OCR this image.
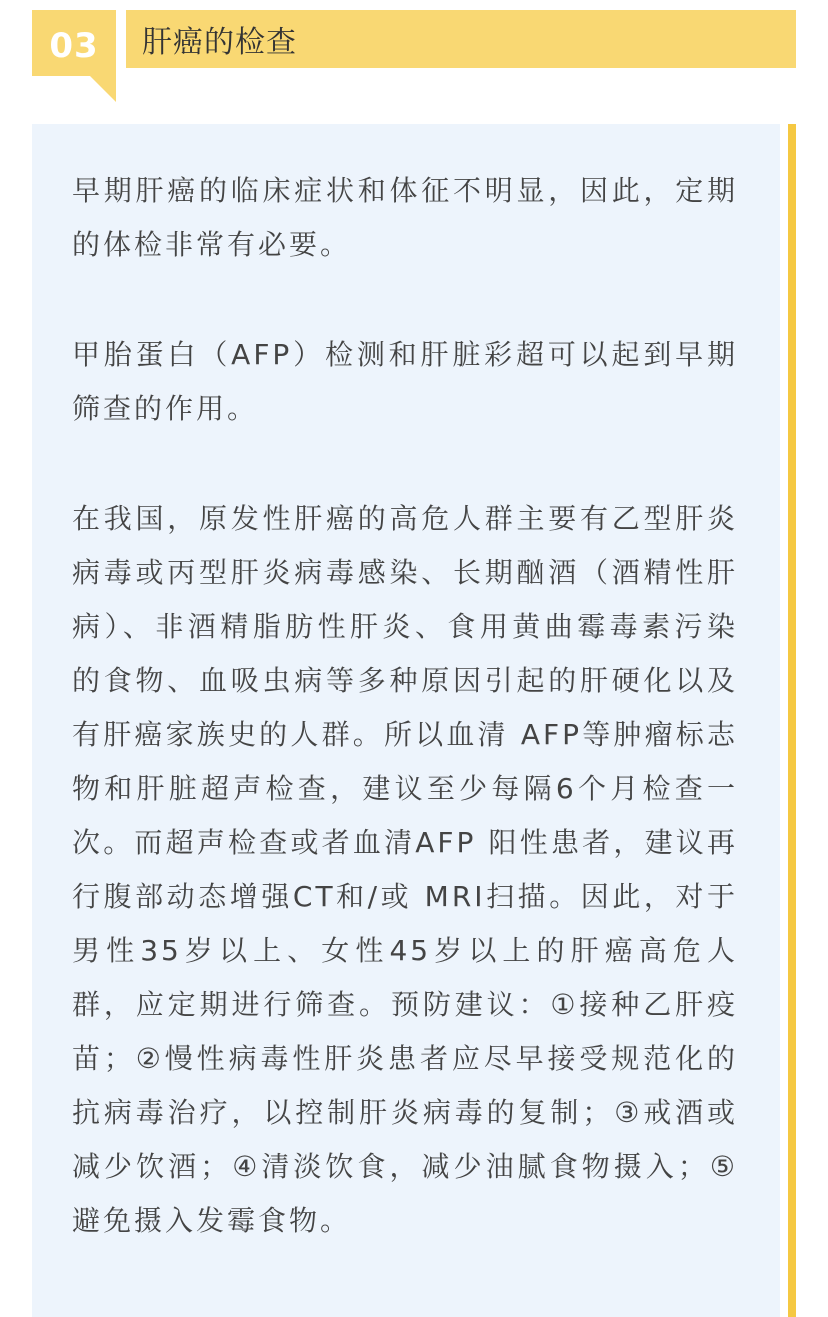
03 肝癌的检查

早期肝癌的临床症状和体征不明显，因此，定期的体检非常有必要。

甲胎蛋白（AFP）检测和肝脏彩超可以起到早期筛查的作用。

在我国，原发性肝癌的高危人群主要有乙型肝炎病毒或丙型肝炎病毒感染、长期酗酒（酒精性肝病）、非酒精脂肪性肝炎、食用黄曲霉毒素污染的食物、血吸虫病等多种原因引起的肝硬化以及有肝癌家族史的人群。所以血清 AFP等肿瘤标志物和肝脏超声检查，建议至少每隔6个月检查一次。而超声检查或者血清AFP 阳性患者，建议再行腹部动态增强CT和/或 MRI扫描。因此，对于男性35岁以上、女性45岁以上的肝癌高危人群，应定期进行筛查。预防建议：①接种乙肝疫苗；②慢性病毒性肝炎患者应尽早接受规范化的抗病毒治疗，以控制肝炎病毒的复制；③戒酒或减少饮酒；④清淡饮食，减少油腻食物摄入；⑤避免摄入发霉食物。
